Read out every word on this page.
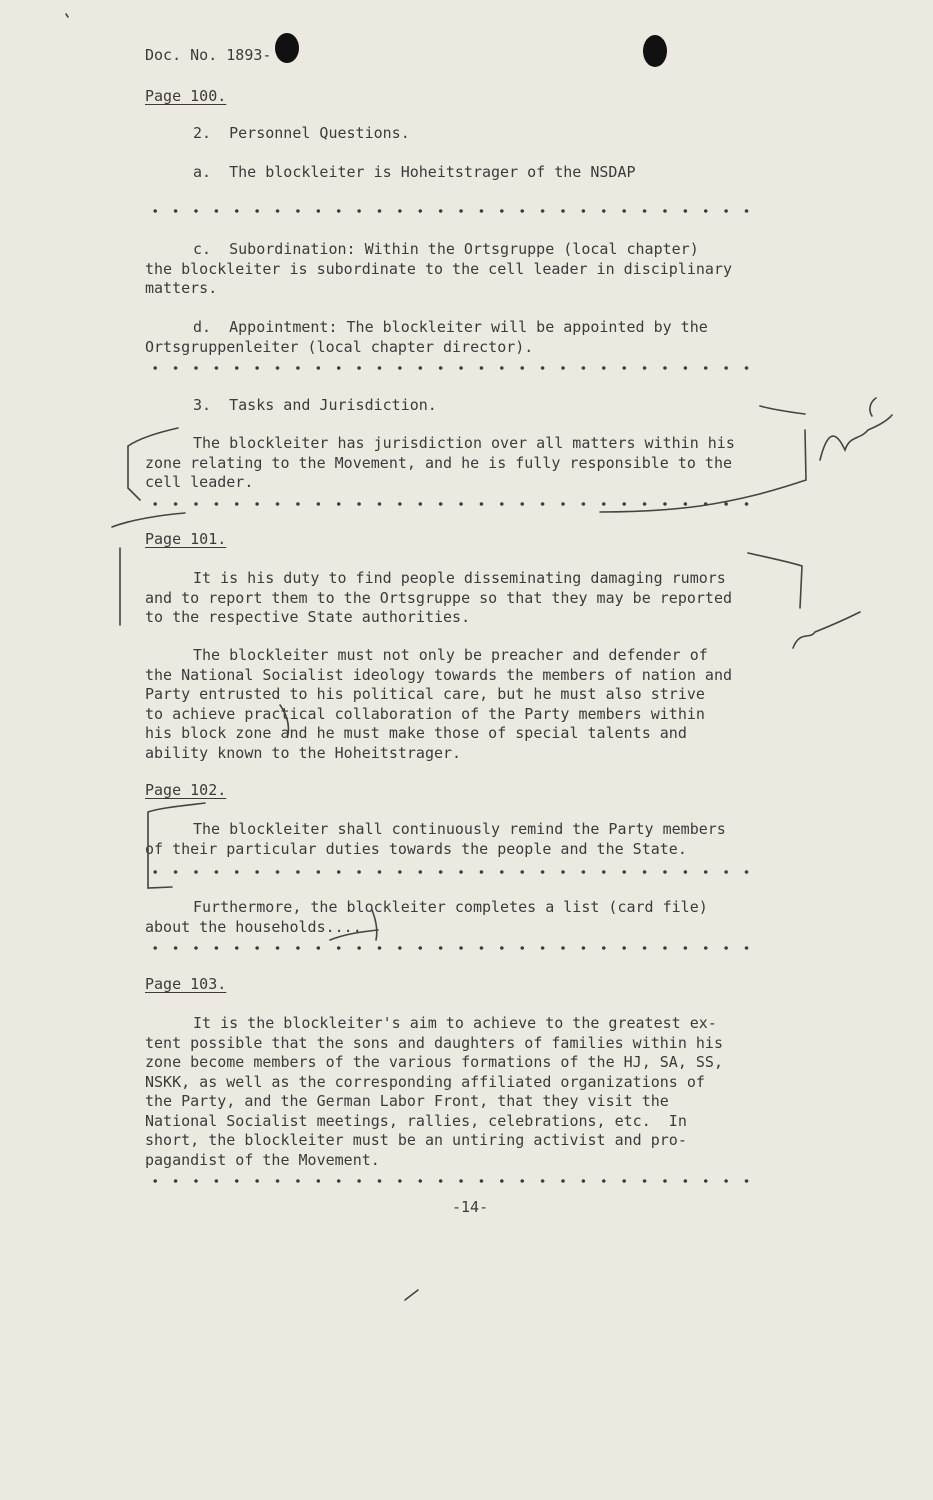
Doc. No. 1893-

Page 100.

2.  Personnel Questions.

a.  The blockleiter is Hoheitstrager of the NSDAP

c.  Subordination: Within the Ortsgruppe (local chapter)
the blockleiter is subordinate to the cell leader in disciplinary
matters.

d.  Appointment: The blockleiter will be appointed by the
Ortsgruppenleiter (local chapter director).

3.  Tasks and Jurisdiction.

The blockleiter has jurisdiction over all matters within his
zone relating to the Movement, and he is fully responsible to the
cell leader.

Page 101.

It is his duty to find people disseminating damaging rumors
and to report them to the Ortsgruppe so that they may be reported
to the respective State authorities.

The blockleiter must not only be preacher and defender of
the National Socialist ideology towards the members of nation and
Party entrusted to his political care, but he must also strive
to achieve practical collaboration of the Party members within
his block zone and he must make those of special talents and
ability known to the Hoheitstrager.

Page 102.

The blockleiter shall continuously remind the Party members
of their particular duties towards the people and the State.

Furthermore, the blockleiter completes a list (card file)
about the households....

Page 103.

It is the blockleiter's aim to achieve to the greatest ex-
tent possible that the sons and daughters of families within his
zone become members of the various formations of the HJ, SA, SS,
NSKK, as well as the corresponding affiliated organizations of
the Party, and the German Labor Front, that they visit the
National Socialist meetings, rallies, celebrations, etc.  In
short, the blockleiter must be an untiring activist and pro-
pagandist of the Movement.

-14-
